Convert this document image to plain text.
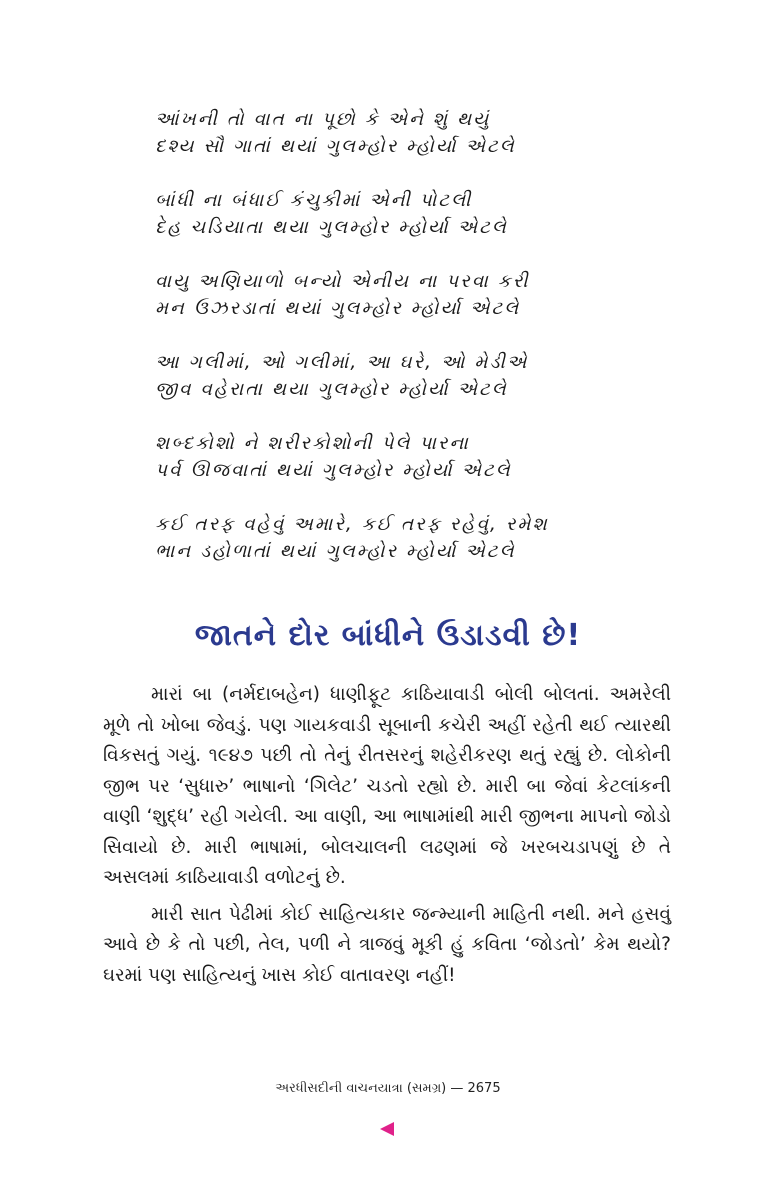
આંખની તો વાત ના પૂછો કે એને શું થયું
દશ્ય સૌ ગાતાં થયાં ગુલમ્હોર મ્હોર્યા એટલે
બાંધી ના બંધાઈ કંચુકીમાં એની પોટલી
દેહ ચડિયાતા થયા ગુલમ્હોર મ્હોર્યા એટલે
વાયુ અણિયાળો બન્યો એનીય ના પરવા કરી
મન ઉઝરડાતાં થયાં ગુલમ્હોર મ્હોર્યા એટલે
આ ગલીમાં, ઓ ગલીમાં, આ ઘરે, ઓ મેડીએ
જીવ વહેરાતા થયા ગુલમ્હોર મ્હોર્યા એટલે
શબ્દકોશો ને શરીરકોશોની પેલે પારના
પર્વ ઊજવાતાં થયાં ગુલમ્હોર મ્હોર્યા એટલે
કઈ તરફ વહેવું અમારે, કઈ તરફ રહેવું, રમેશ
ભાન ડહોળાતાં થયાં ગુલમ્હોર મ્હોર્યા એટલે
જાતને દોર બાંધીને ઉડાડવી છે!

મારાં બા (નર્મદાબહેન) ધાણીફૂટ કાઠિયાવાડી બોલી બોલતાં. અમરેલી મૂળે તો ખોબા જેવડું. પણ ગાયકવાડી સૂબાની કચેરી અહીં રહેતી થઈ ત્યારથી વિકસતું ગયું. ૧૯૪૭ પછી તો તેનું રીતસરનું શહેરીકરણ થતું રહ્યું છે. લોકોની જીભ પર ‘સુધારુ’ ભાષાનો ‘ગિલેટ’ ચડતો રહ્યો છે. મારી બા જેવાં કેટલાંકની વાણી ‘શુદ્ધ’ રહી ગયેલી. આ વાણી, આ ભાષામાંથી મારી જીભના માપનો જોડો સિવાયો છે. મારી ભાષામાં, બોલચાલની લઢણમાં જે ખરબચડાપણું છે તે અસલમાં કાઠિયાવાડી વળોટનું છે.

મારી સાત પેઢીમાં કોઈ સાહિત્યકાર જન્મ્યાની માહિતી નથી. મને હસવું આવે છે કે તો પછી, તેલ, પળી ને ત્રાજવું મૂકી હું કવિતા ‘જોડતો’ કેમ થયો? ઘરમાં પણ સાહિત્યનું ખાસ કોઈ વાતાવરણ નહીં!

અરધીસદીની વાચનયાત્રા (સમગ્ર) — 2675
